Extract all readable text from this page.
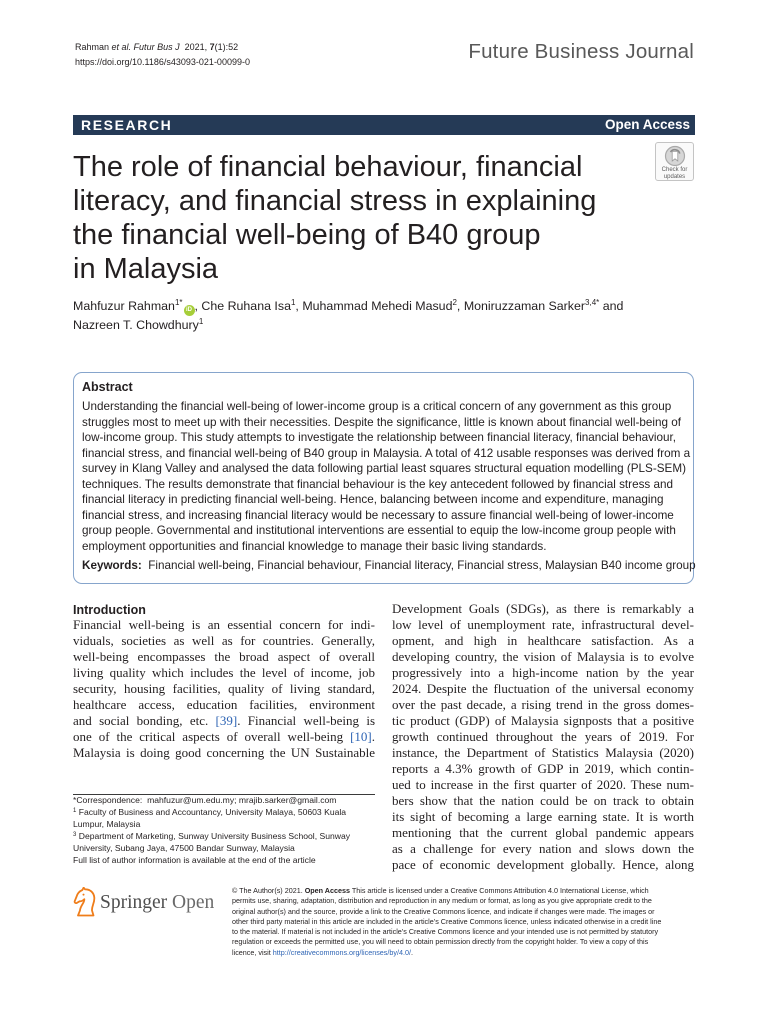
Rahman et al. Futur Bus J 2021, 7(1):52
https://doi.org/10.1186/s43093-021-00099-0	Future Business Journal
RESEARCH	Open Access
The role of financial behaviour, financial
literacy, and financial stress in explaining
the financial well-being of B40 group
in Malaysia
Check for
updates
Mahfuzur Rahman$^{1*}$iD , Che Ruhana Isa$^1$, Muhammad Mehedi Masud$^2$, Moniruzzaman Sarker$^{3,4*}$ and
Nazreen T. Chowdhury$^1$
Abstract
Understanding the financial well-being of lower-income group is a critical concern of any government as this group
struggles most to meet up with their necessities. Despite the significance, little is known about financial well-being of
low-income group. This study attempts to investigate the relationship between financial literacy, financial behaviour,
financial stress, and financial well-being of B40 group in Malaysia. A total of 412 usable responses was derived from a
survey in Klang Valley and analysed the data following partial least squares structural equation modelling (PLS-SEM)
techniques. The results demonstrate that financial behaviour is the key antecedent followed by financial stress and
financial literacy in predicting financial well-being. Hence, balancing between income and expenditure, managing
financial stress, and increasing financial literacy would be necessary to assure financial well-being of lower-income
group people. Governmental and institutional interventions are essential to equip the low-income group people with
employment opportunities and financial knowledge to manage their basic living standards.
Keywords: Financial well-being, Financial behaviour, Financial literacy, Financial stress, Malaysian B40 income group
Introduction
Financial well-being is an essential concern for indi-
viduals, societies as well as for countries. Generally,
well-being encompasses the broad aspect of overall
living quality which includes the level of income, job
security, housing facilities, quality of living standard,
healthcare access, education facilities, environment
and social bonding, etc. [39]. Financial well-being is
one of the critical aspects of overall well-being [10].
Malaysia is doing good concerning the UN Sustainable
Development Goals (SDGs), as there is remarkably a
low level of unemployment rate, infrastructural devel-
opment, and high in healthcare satisfaction. As a
developing country, the vision of Malaysia is to evolve
progressively into a high-income nation by the year
2024. Despite the fluctuation of the universal economy
over the past decade, a rising trend in the gross domes-
tic product (GDP) of Malaysia signposts that a positive
growth continued throughout the years of 2019. For
instance, the Department of Statistics Malaysia (2020)
reports a 4.3% growth of GDP in 2019, which contin-
ued to increase in the first quarter of 2020. These num-
bers show that the nation could be on track to obtain
its sight of becoming a large earning state. It is worth
mentioning that the current global pandemic appears
as a challenge for every nation and slows down the
pace of economic development globally. Hence, along
*Correspondence: mahfuzur@um.edu.my; mrajib.sarker@gmail.com
$^1$ Faculty of Business and Accountancy, University Malaya, 50603 Kuala
Lumpur, Malaysia
$^3$ Department of Marketing, Sunway University Business School, Sunway
University, Subang Jaya, 47500 Bandar Sunway, Malaysia
Full list of author information is available at the end of the article
Springer Open
© The Author(s) 2021. Open Access This article is licensed under a Creative Commons Attribution 4.0 International License, which
permits use, sharing, adaptation, distribution and reproduction in any medium or format, as long as you give appropriate credit to the
original author(s) and the source, provide a link to the Creative Commons licence, and indicate if changes were made. The images or
other third party material in this article are included in the article’s Creative Commons licence, unless indicated otherwise in a credit line
to the material. If material is not included in the article’s Creative Commons licence and your intended use is not permitted by statutory
regulation or exceeds the permitted use, you will need to obtain permission directly from the copyright holder. To view a copy of this
licence, visit http://creativecommons.org/licenses/by/4.0/.
